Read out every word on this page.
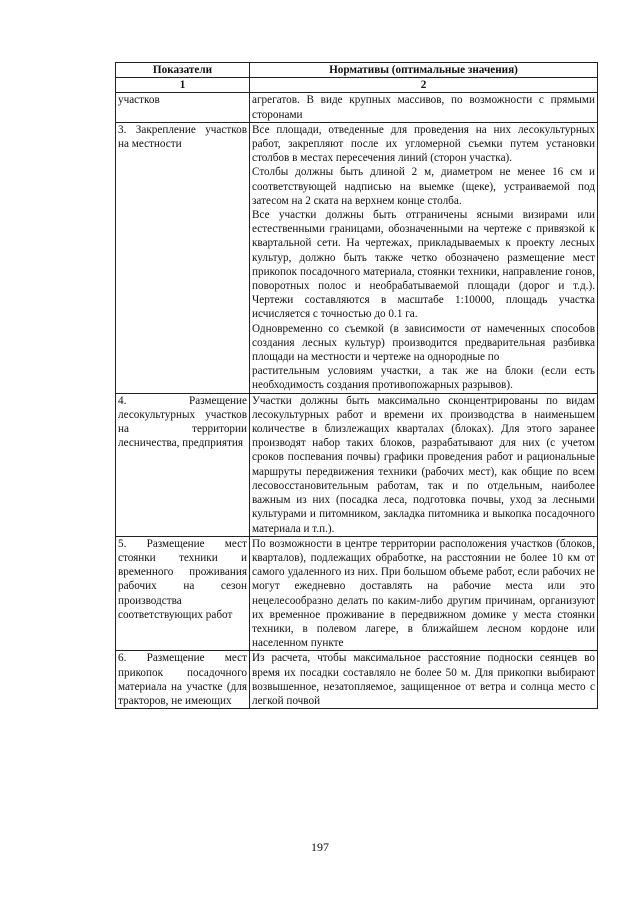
Показатели	Нормативы (оптимальные значения)
1	2
участков	агрегатов. В виде крупных массивов, по возможности с прямыми сторонами

3. Закрепление участков на местности	Все площади, отведенные для проведения на них лесокультурных работ, закрепляют после их угломерной съемки путем установки столбов в местах пересечения линий (сторон участка).

Столбы должны быть длиной 2 м, диаметром не менее 16 см и соответствующей надписью на выемке (щеке), устраиваемой под затесом на 2 ската на верхнем конце столба.

Все участки должны быть отграничены ясными визирами или естественными границами, обозначенными на чертеже с привязкой к квартальной сети. На чертежах, прикладываемых к проекту лесных культур, должно быть также четко обозначено размещение мест прикопок посадочного материала, стоянки техники, направление гонов, поворотных полос и необрабатываемой площади (дорог и т.д.). Чертежи составляются в масштабе 1:10000, площадь участка исчисляется с точностью до 0.1 га.

Одновременно со съемкой (в зависимости от намеченных способов создания лесных культур) производится предварительная разбивка площади на местности и чертеже на однородные по

растительным условиям участки, а так же на блоки (если есть необходимость создания противопожарных разрывов).

4. Размещение лесокультурных участков на территории лесничества, предприятия	Участки должны быть максимально сконцентрированы по видам лесокультурных работ и времени их производства в наименьшем количестве в близлежащих кварталах (блоках). Для этого заранее производят набор таких блоков, разрабатывают для них (с учетом сроков поспевания почвы) графики проведения работ и рациональные маршруты передвижения техники (рабочих мест), как общие по всем лесовосстановительным работам, так и по отдельным, наиболее важным из них (посадка леса, подготовка почвы, уход за лесными культурами и питомником, закладка питомника и выкопка посадочного материала и т.п.).

5. Размещение мест стоянки техники и временного проживания рабочих на сезон производства соответствующих работ	По возможности в центре территории расположения участков (блоков, кварталов), подлежащих обработке, на расстоянии не более 10 км от самого удаленного из них. При большом объеме работ, если рабочих не могут ежедневно доставлять на рабочие места или это нецелесообразно делать по каким-либо другим причинам, организуют их временное проживание в передвижном домике у места стоянки техники, в полевом лагере, в ближайшем лесном кордоне или населенном пункте

6. Размещение мест прикопок посадочного материала на участке (для тракторов, не имеющих	Из расчета, чтобы максимальное расстояние подноски сеянцев во время их посадки составляло не более 50 м. Для прикопки выбирают возвышенное, незатопляемое, защищенное от ветра и солнца место с легкой почвой

197
